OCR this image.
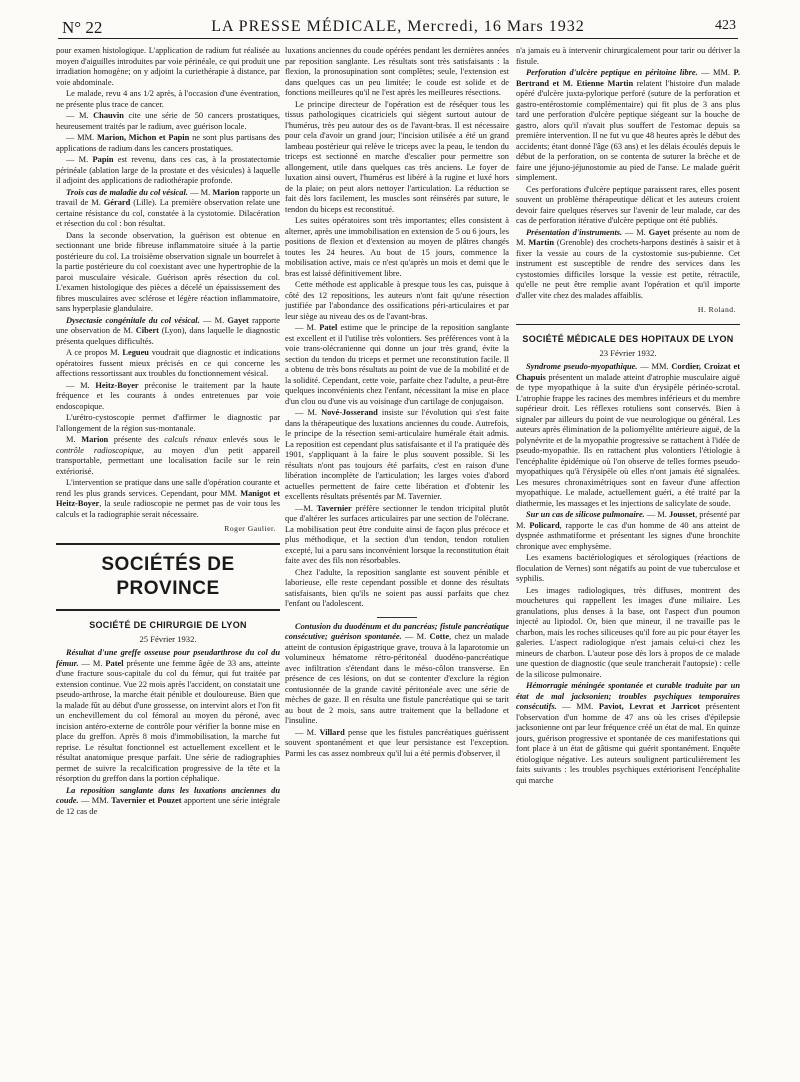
N° 22	LA PRESSE MÉDICALE, Mercredi, 16 Mars 1932	423

pour examen histologique. L'application de radium fut réalisée au moyen d'aiguilles introduites par voie périnéale, ce qui produit une irradiation homogène; on y adjoint la curiethérapie à distance, par voie abdominale.

Le malade, revu 4 ans 1/2 après, à l'occasion d'une éventration, ne présente plus trace de cancer.

— M. Chauvin cite une série de 50 cancers prostatiques, heureusement traités par le radium, avec guérison locale.

— MM. Marion, Michon et Papin ne sont plus partisans des applications de radium dans les cancers prostatiques.

— M. Papin est revenu, dans ces cas, à la prostatectomie périnéale (ablation large de la prostate et des vésicules) à laquelle il adjoint des applications de radiothérapie profonde.

Trois cas de maladie du col vésical. — M. Marion rapporte un travail de M. Gérard (Lille). La première observation relate une certaine résistance du col, constatée à la cystotomie. Dilacération et résection du col : bon résultat.

Dans la seconde observation, la guérison est obtenue en sectionnant une bride fibreuse inflammatoire située à la partie postérieure du col. La troisième observation signale un bourrelet à la partie postérieure du col coexistant avec une hypertrophie de la paroi musculaire vésicale. Guérison après résection du col. L'examen histologique des pièces a décelé un épaississement des fibres musculaires avec sclérose et légère réaction inflammatoire, sans hyperplasie glandulaire.

Dysectasie congénitale du col vésical. — M. Gayet rapporte une observation de M. Cibert (Lyon), dans laquelle le diagnostic présenta quelques difficultés.

A ce propos M. Legueu voudrait que diagnostic et indications opératoires fussent mieux précisés en ce qui concerne les affections ressortissant aux troubles du fonctionnement vésical.

— M. Heitz-Boyer préconise le traitement par la haute fréquence et les courants à ondes entretenues par voie endoscopique.

L'urétro-cystoscopie permet d'affirmer le diagnostic par l'allongement de la région sus-montanale.

M. Marion présente des calculs rénaux enlevés sous le contrôle radioscopique, au moyen d'un petit appareil transportable, permettant une localisation facile sur le rein extériorisé.

L'intervention se pratique dans une salle d'opération courante et rend les plus grands services. Cependant, pour MM. Manigot et Heitz-Boyer, la seule radioscopie ne permet pas de voir tous les calculs et la radiographie serait nécessaire.

Roger Gaulier.

SOCIÉTÉS DE PROVINCE
SOCIÉTÉ DE CHIRURGIE DE LYON
25 Février 1932.

Résultat d'une greffe osseuse pour pseudarthrose du col du fémur. — M. Patel présente une femme âgée de 33 ans, atteinte d'une fracture sous-capitale du col du fémur, qui fut traitée par extension continue. Vue 22 mois après l'accident, on constatait une pseudo-arthrose, la marche était pénible et douloureuse. Bien que la malade fût au début d'une grossesse, on intervint alors et l'on fit un enchevillement du col fémoral au moyen du péroné, avec incision antéro-externe de contrôle pour vérifier la bonne mise en place du greffon. Après 8 mois d'immobilisation, la marche fut reprise. Le résultat fonctionnel est actuellement excellent et le résultat anatomique presque parfait. Une série de radiographies permet de suivre la recalcification progressive de la tête et la résorption du greffon dans la portion céphalique.

La reposition sanglante dans les luxations anciennes du coude. — MM. Tavernier et Pouzet apportent une série intégrale de 12 cas de

luxations anciennes du coude opérées pendant les dernières années par reposition sanglante. Les résultats sont très satisfaisants : la flexion, la pronosupination sont complètes; seule, l'extension est dans quelques cas un peu limitée; le coude est solide et de fonctions meilleures qu'il ne l'est après les meilleures résections.

Le principe directeur de l'opération est de réséquer tous les tissus pathologiques cicatriciels qui siègent surtout autour de l'humérus, très peu autour des os de l'avant-bras. Il est nécessaire pour cela d'avoir un grand jour; l'incision utilisée a été un grand lambeau postérieur qui relève le triceps avec la peau, le tendon du triceps est sectionné en marche d'escalier pour permettre son allongement, utile dans quelques cas très anciens. Le foyer de luxation ainsi ouvert, l'humérus est libéré à la rugine et luxé hors de la plaie; on peut alors nettoyer l'articulation. La réduction se fait dès lors facilement, les muscles sont réinsérés par suture, le tendon du biceps est reconstitué.

Les suites opératoires sont très importantes; elles consistent à alterner, après une immobilisation en extension de 5 ou 6 jours, les positions de flexion et d'extension au moyen de plâtres changés toutes les 24 heures. Au bout de 15 jours, commence la mobilisation active, mais ce n'est qu'après un mois et demi que le bras est laissé définitivement libre.

Cette méthode est applicable à presque tous les cas, puisque à côté des 12 repositions, les auteurs n'ont fait qu'une résection justifiée par l'abondance des ossifications péri-articulaires et par leur siège au niveau des os de l'avant-bras.

— M. Patel estime que le principe de la reposition sanglante est excellent et il l'utilise très volontiers. Ses préférences vont à la voie trans-olécranienne qui donne un jour très grand, évite la section du tendon du triceps et permet une reconstitution facile. Il a obtenu de très bons résultats au point de vue de la mobilité et de la solidité. Cependant, cette voie, parfaite chez l'adulte, a peut-être quelques inconvénients chez l'enfant, nécessitant la mise en place d'un clou ou d'une vis au voisinage d'un cartilage de conjugaison.

— M. Nové-Josserand insiste sur l'évolution qui s'est faite dans la thérapeutique des luxations anciennes du coude. Autrefois, le principe de la résection semi-articulaire humérale était admis. La reposition est cependant plus satisfaisante et il l'a pratiquée dès 1901, s'appliquant à la faire le plus souvent possible. Si les résultats n'ont pas toujours été parfaits, c'est en raison d'une libération incomplète de l'articulation; les larges voies d'abord actuelles permettent de faire cette libération et d'obtenir les excellents résultats présentés par M. Tavernier.

—M. Tavernier préfère sectionner le tendon tricipital plutôt que d'altérer les surfaces articulaires par une section de l'olécrane. La mobilisation peut être conduite ainsi de façon plus précoce et plus méthodique, et la section d'un tendon, tendon rotulien excepté, lui a paru sans inconvénient lorsque la reconstitution était faite avec des fils non résorbables.

Chez l'adulte, la reposition sanglante est souvent pénible et laborieuse, elle reste cependant possible et donne des résultats satisfaisants, bien qu'ils ne soient pas aussi parfaits que chez l'enfant ou l'adolescent.

Contusion du duodénum et du pancréas; fistule pancréatique consécutive; guérison spontanée. — M. Cotte, chez un malade atteint de contusion épigastrique grave, trouva à la laparotomie un volumineux hématome rétro-péritonéal duodéno-pancréatique avec infiltration s'étendant dans le méso-côlon transverse. En présence de ces lésions, on dut se contenter d'exclure la région contusionnée de la grande cavité péritonéale avec une série de mèches de gaze. Il en résulta une fistule pancréatique qui se tarit au bout de 2 mois, sans autre traitement que la belladone et l'insuline.

— M. Villard pense que les fistules pancréatiques guérissent souvent spontanément et que leur persistance est l'exception. Parmi les cas assez nombreux qu'il lui a été permis d'observer, il

n'a jamais eu à intervenir chirurgicalement pour tarir ou dériver la fistule.

Perforation d'ulcère peptique en péritoine libre. — MM. P. Bertrand et M. Etienne Martin relatent l'histoire d'un malade opéré d'ulcère juxta-pylorique perforé (suture de la perforation et gastro-entérostomie complémentaire) qui fit plus de 3 ans plus tard une perforation d'ulcère peptique siégeant sur la bouche de gastro, alors qu'il n'avait plus souffert de l'estomac depuis sa première intervention. Il ne fut vu que 48 heures après le début des accidents; étant donné l'âge (63 ans) et les délais écoulés depuis le début de la perforation, on se contenta de suturer la brèche et de faire une jéjuno-jéjunostomie au pied de l'anse. Le malade guérit simplement.

Ces perforations d'ulcère peptique paraissent rares, elles posent souvent un problème thérapeutique délicat et les auteurs croient devoir faire quelques réserves sur l'avenir de leur malade, car des cas de perforation itérative d'ulcère peptique ont été publiés.

Présentation d'instruments. — M. Gayet présente au nom de M. Martin (Grenoble) des crochets-harpons destinés à saisir et à fixer la vessie au cours de la cystostomie sus-pubienne. Cet instrument est susceptible de rendre des services dans les cystostomies difficiles lorsque la vessie est petite, rétractile, qu'elle ne peut être remplie avant l'opération et qu'il importe d'aller vite chez des malades affaiblis.

H. Roland.

SOCIÉTÉ MÉDICALE DES HOPITAUX DE LYON
23 Février 1932.

Syndrome pseudo-myopathique. — MM. Cordier, Croizat et Chapuis présentent un malade atteint d'atrophie musculaire aiguë de type myopathique à la suite d'un érysipèle périnéo-scrotal. L'atrophie frappe les racines des membres inférieurs et du membre supérieur droit. Les réflexes rotuliens sont conservés. Bien à signaler par ailleurs du point de vue neurologique ou général. Les auteurs après élimination de la poliomyélite antérieure aiguë, de la polynévrite et de la myopathie progressive se rattachent à l'idée de pseudo-myopathie. Ils en rattachent plus volontiers l'étiologie à l'encéphalite épidémique où l'on observe de telles formes pseudo-myopathiques qu'à l'érysipèle où elles n'ont jamais été signalées. Les mesures chronaximétriques sont en faveur d'une affection myopathique. Le malade, actuellement guéri, a été traité par la diathermie, les massages et les injections de salicylate de soude.

Sur un cas de silicose pulmonaire. — M. Jousset, présenté par M. Policard, rapporte le cas d'un homme de 40 ans atteint de dyspnée asthmatiforme et présentant les signes d'une bronchite chronique avec emphysème.

Les examens bactériologiques et sérologiques (réactions de floculation de Vernes) sont négatifs au point de vue tuberculose et syphilis.

Les images radiologiques, très diffuses, montrent des mouchetures qui rappellent les images d'une miliaire. Les granulations, plus denses à la base, ont l'aspect d'un poumon injecté au lipiodol. Or, bien que mineur, il ne travaille pas le charbon, mais les roches siliceuses qu'il fore au pic pour étayer les galeries. L'aspect radiologique n'est jamais celui-ci chez les mineurs de charbon. L'auteur pose dès lors à propos de ce malade une question de diagnostic (que seule trancherait l'autopsie) : celle de la silicose pulmonaire.

Hémorragie méningée spontanée et curable traduite par un état de mal jacksonien; troubles psychiques temporaires consécutifs. — MM. Paviot, Levrat et Jarricot présentent l'observation d'un homme de 47 ans où les crises d'épilepsie jacksonienne ont par leur fréquence créé un état de mal. En quinze jours, guérison progressive et spontanée de ces manifestations qui font place à un état de gâtisme qui guérit spontanément. Enquête étiologique négative. Les auteurs soulignent particulièrement les faits suivants : les troubles psychiques extériorisent l'encéphalite qui marche
